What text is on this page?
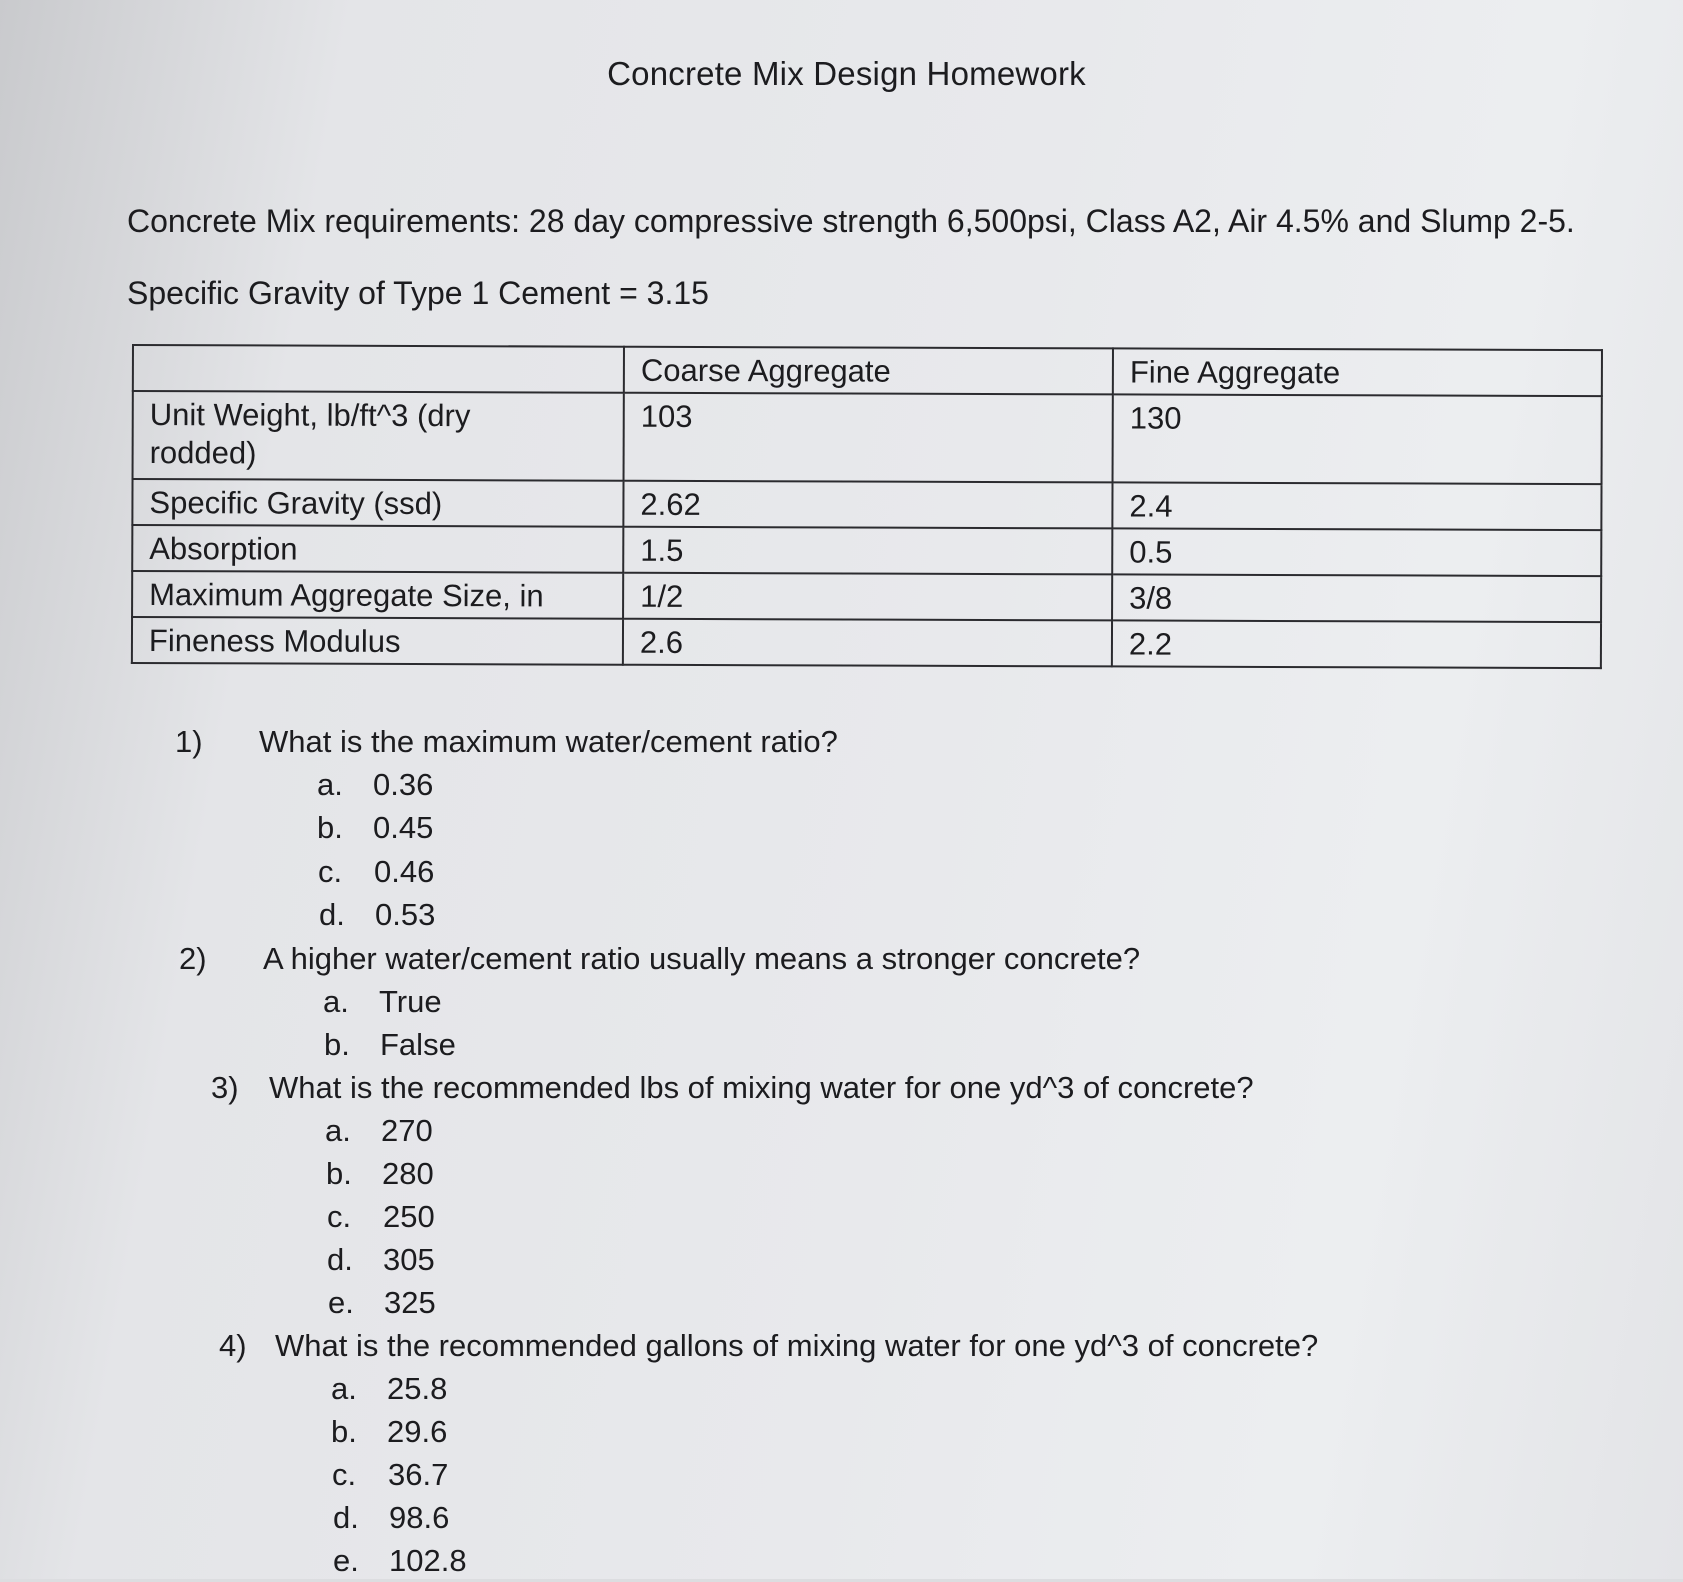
Concrete Mix Design Homework
Concrete Mix requirements: 28 day compressive strength 6,500psi, Class A2, Air 4.5% and Slump 2-5.
Specific Gravity of Type 1 Cement = 3.15
	Coarse Aggregate	Fine Aggregate
Unit Weight, lb/ft^3 (dry rodded)	103	130
Specific Gravity (ssd)	2.62	2.4
Absorption	1.5	0.5
Maximum Aggregate Size, in	1/2	3/8
Fineness Modulus	2.6	2.2
1)	What is the maximum water/cement ratio?
a. 0.36
b. 0.45
c.	0.46
d. 0.53
2)	A higher water/cement ratio usually means a stronger concrete?
a. True
b. False
3) What is the recommended lbs of mixing water for one yd^3 of concrete?
a. 270
b. 280
c.	250
d. 305
e. 325
4) What is the recommended gallons of mixing water for one yd^3 of concrete?
a. 25.8
b. 29.6
c.	36.7
d. 98.6
e. 102.8
